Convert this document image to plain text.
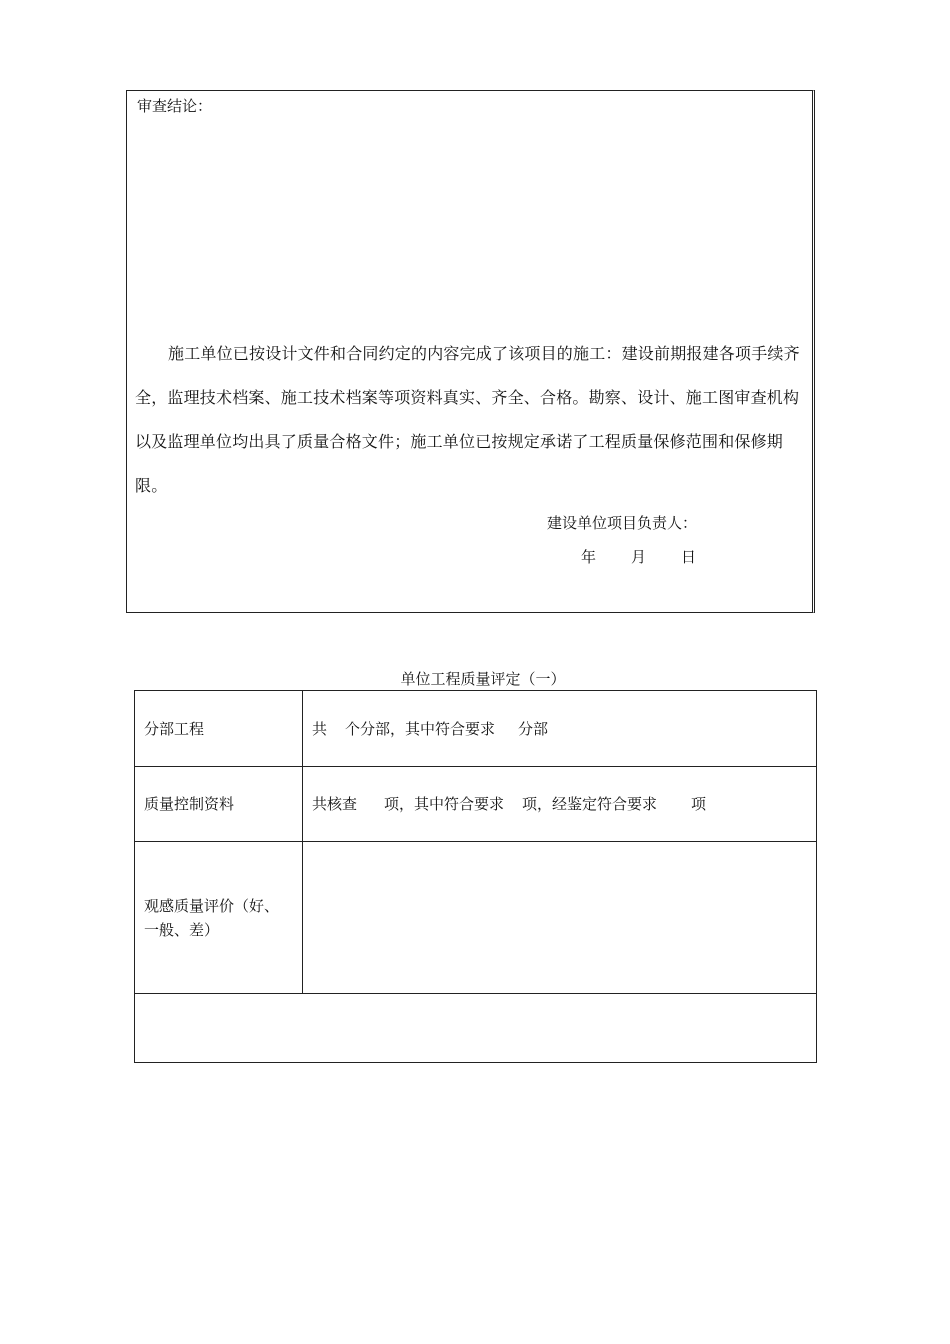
审查结论：
施工单位已按设计文件和合同约定的内容完成了该项目的施工：建设前期报建各项手续齐全，监理技术档案、施工技术档案等项资料真实、齐全、合格。勘察、设计、施工图审查机构以及监理单位均出具了质量合格文件；施工单位已按规定承诺了工程质量保修范围和保修期限。
建设单位项目负责人：
年 月 日
单位工程质量评定（一）
分部工程	共 个分部，其中符合要求 分部
质量控制资料	共核查 项，其中符合要求 项，经鉴定符合要求 项
观感质量评价（好、一般、差）	
